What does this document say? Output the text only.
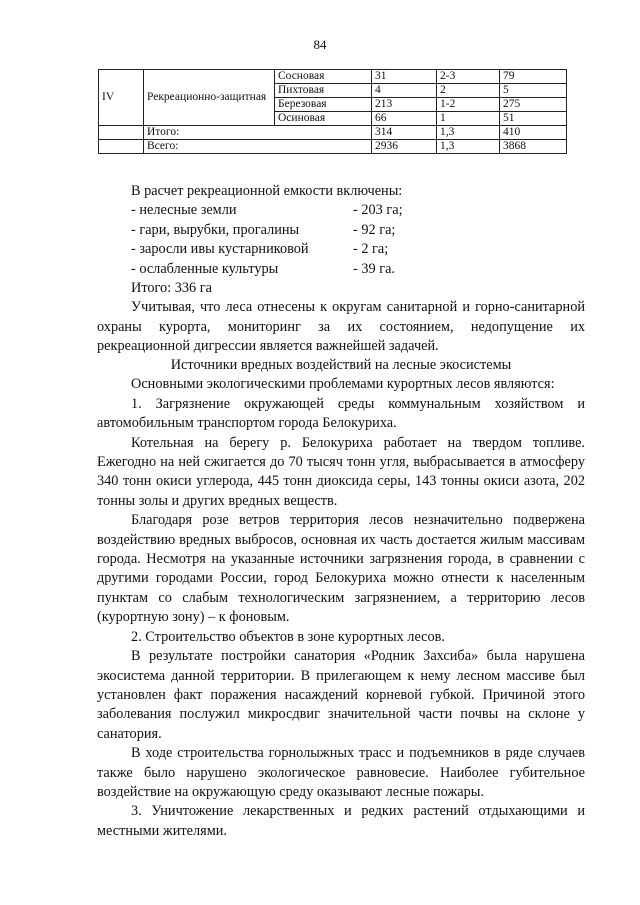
84
IV	Рекреационно-защитная	Сосновая	31	2-3	79
		Пихтовая	4	2	5
		Березовая	213	1-2	275
		Осиновая	66	1	51
	Итого:		314	1,3	410
	Всего:		2936	1,3	3868

В расчет рекреационной емкости включены:

- нелесные земли	- 203 га;
- гари, вырубки, прогалины	- 92 га;
- заросли ивы кустарниковой	- 2 га;
- ослабленные культуры	- 39 га.

Итого: 336 га

Учитывая, что леса отнесены к округам санитарной и горно-санитарной охраны курорта, мониторинг за их состоянием, недопущение их рекреационной дигрессии является важнейшей задачей.

Источники вредных воздействий на лесные экосистемы

Основными экологическими проблемами курортных лесов являются:

1. Загрязнение окружающей среды коммунальным хозяйством и автомобильным транспортом города Белокуриха.

Котельная на берегу р. Белокуриха работает на твердом топливе. Ежегодно на ней сжигается до 70 тысяч тонн угля, выбрасывается в атмосферу 340 тонн окиси углерода, 445 тонн диоксида серы, 143 тонны окиси азота, 202 тонны золы и других вредных веществ.

Благодаря розе ветров территория лесов незначительно подвержена воздействию вредных выбросов, основная их часть достается жилым массивам города. Несмотря на указанные источники загрязнения города, в сравнении с другими городами России, город Белокуриха можно отнести к населенным пунктам со слабым технологическим загрязнением, а территорию лесов (курортную зону) – к фоновым.

2. Строительство объектов в зоне курортных лесов.

В результате постройки санатория «Родник Захсиба» была нарушена экосистема данной территории. В прилегающем к нему лесном массиве был установлен факт поражения насаждений корневой губкой. Причиной этого заболевания послужил микросдвиг значительной части почвы на склоне у санатория.

В ходе строительства горнолыжных трасс и подъемников в ряде случаев также было нарушено экологическое равновесие. Наиболее губительное воздействие на окружающую среду оказывают лесные пожары.

3. Уничтожение лекарственных и редких растений отдыхающими и местными жителями.
